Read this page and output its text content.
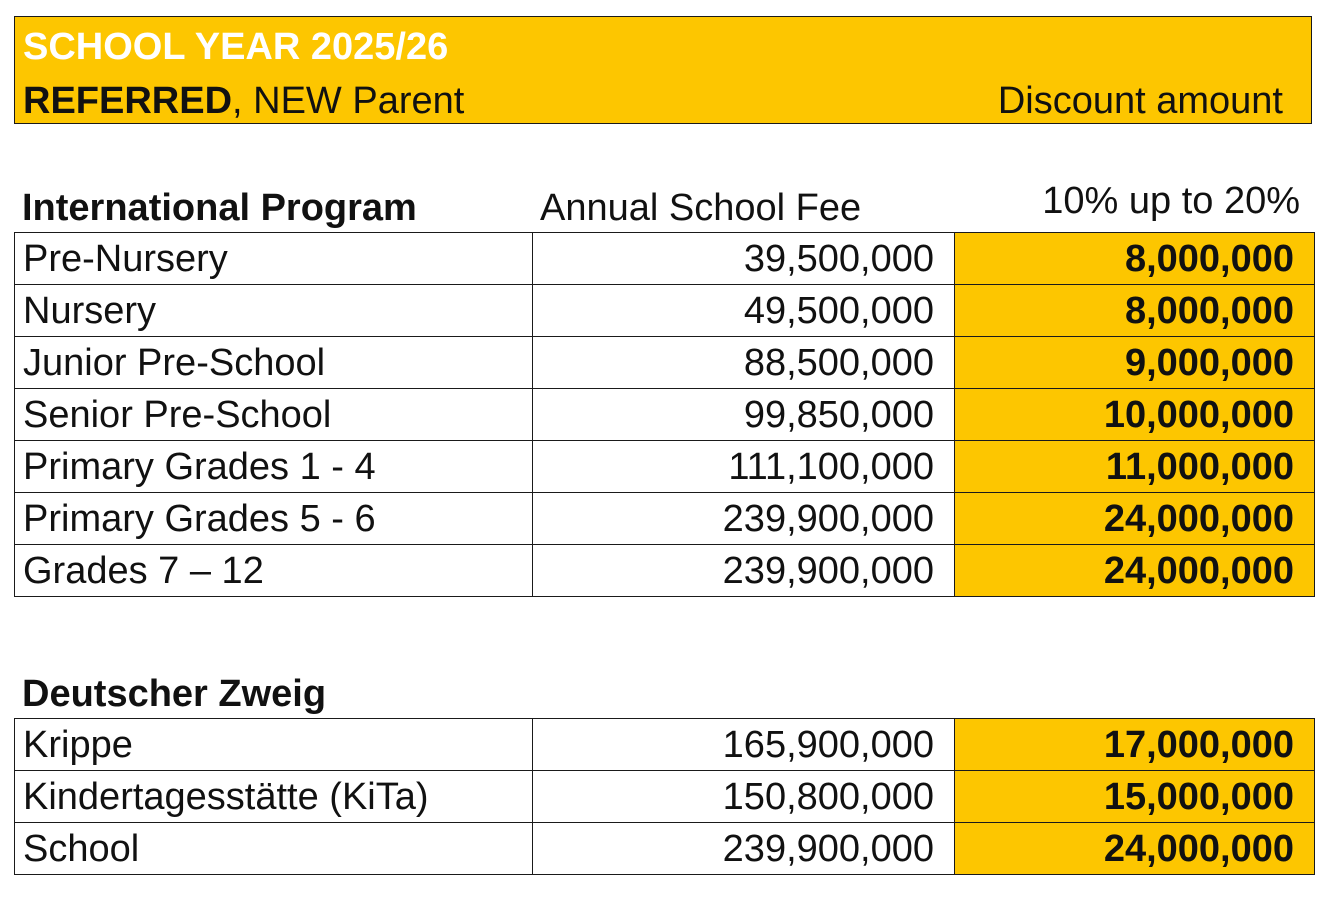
SCHOOL YEAR 2025/26
REFERRED, NEW Parent	Discount amount
International Program	Annual School Fee	10% up to 20%
Pre-Nursery	39,500,000	8,000,000
Nursery	49,500,000	8,000,000
Junior Pre-School	88,500,000	9,000,000
Senior Pre-School	99,850,000	10,000,000
Primary Grades 1 - 4	111,100,000	11,000,000
Primary Grades 5 - 6	239,900,000	24,000,000
Grades 7 – 12	239,900,000	24,000,000
Deutscher Zweig
Krippe	165,900,000	17,000,000
Kindertagesstätte (KiTa)	150,800,000	15,000,000
School	239,900,000	24,000,000
